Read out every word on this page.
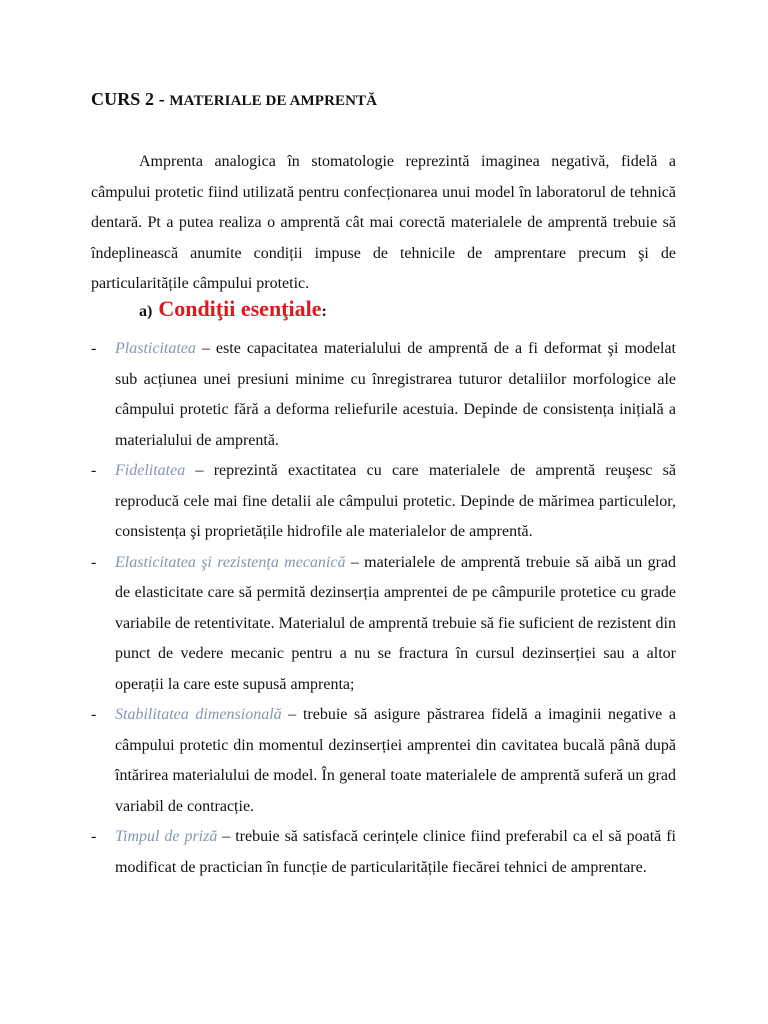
CURS 2 - MATERIALE DE AMPRENTĂ

Amprenta analogica în stomatologie reprezintă imaginea negativă, fidelă a câmpului protetic fiind utilizată pentru confecționarea unui model în laboratorul de tehnică dentară. Pt a putea realiza o amprentă cât mai corectă materialele de amprentă trebuie să îndeplinească anumite condiții impuse de tehnicile de amprentare precum şi de particularitățile câmpului protetic.

a) Condiţii esenţiale:
- Plasticitatea – este capacitatea materialului de amprentă de a fi deformat şi modelat sub acțiunea unei presiuni minime cu înregistrarea tuturor detaliilor morfologice ale câmpului protetic fără a deforma reliefurile acestuia. Depinde de consistența inițială a materialului de amprentă.
- Fidelitatea – reprezintă exactitatea cu care materialele de amprentă reuşesc să reproducă cele mai fine detalii ale câmpului protetic. Depinde de mărimea particulelor, consistența şi proprietățile hidrofile ale materialelor de amprentă.
- Elasticitatea şi rezistența mecanică – materialele de amprentă trebuie să aibă un grad de elasticitate care să permită dezinserția amprentei de pe câmpurile protetice cu grade variabile de retentivitate. Materialul de amprentă trebuie să fie suficient de rezistent din punct de vedere mecanic pentru a nu se fractura în cursul dezinserției sau a altor operații la care este supusă amprenta;
- Stabilitatea dimensională – trebuie să asigure păstrarea fidelă a imaginii negative a câmpului protetic din momentul dezinserției amprentei din cavitatea bucală până după întărirea materialului de model. În general toate materialele de amprentă suferă un grad variabil de contracție.
- Timpul de priză – trebuie să satisfacă cerințele clinice fiind preferabil ca el să poată fi modificat de practician în funcție de particularitățile fiecărei tehnici de amprentare.
